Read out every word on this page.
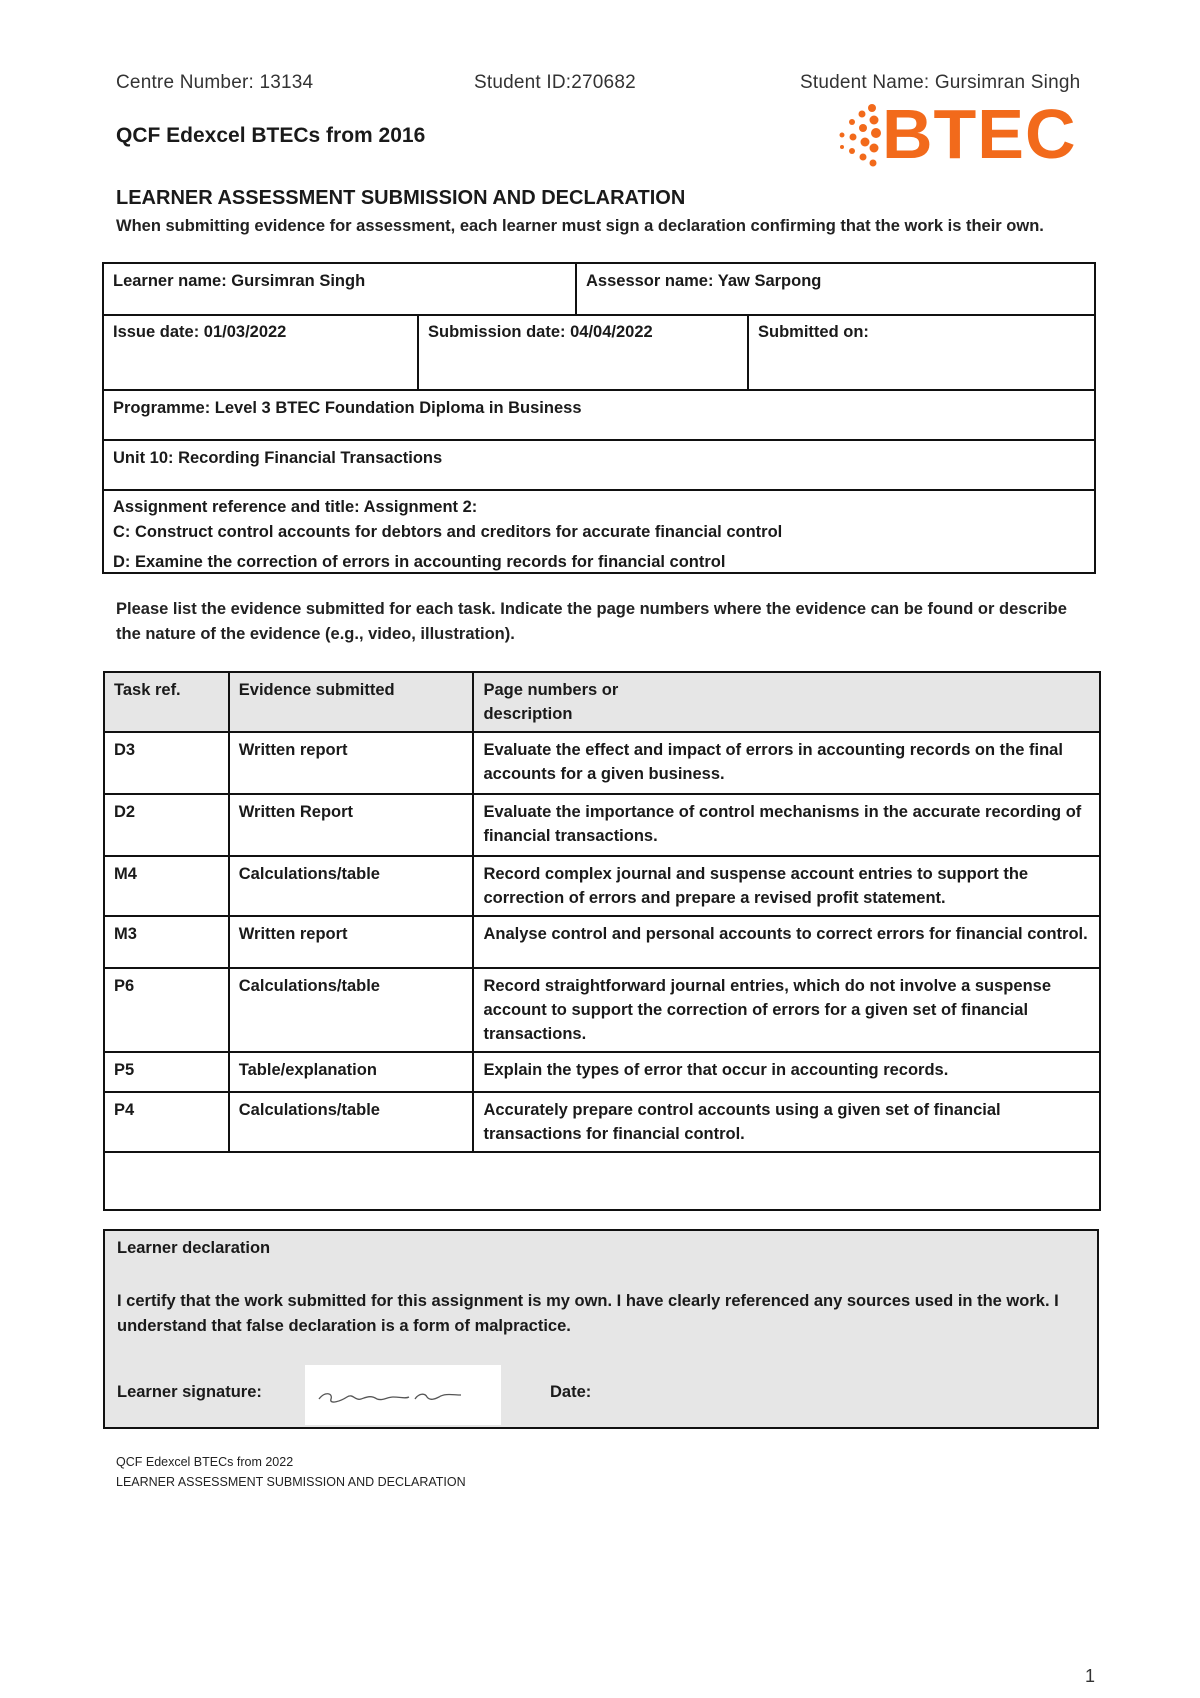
Centre Number: 13134	Student ID:270682	Student Name: Gursimran Singh
QCF Edexcel BTECs from 2016	BTEC
LEARNER ASSESSMENT SUBMISSION AND DECLARATION
When submitting evidence for assessment, each learner must sign a declaration confirming that the work is their own.
Learner name: Gursimran Singh	Assessor name: Yaw Sarpong
Issue date: 01/03/2022	Submission date: 04/04/2022	Submitted on:
Programme: Level 3 BTEC Foundation Diploma in Business
Unit 10: Recording Financial Transactions
Assignment reference and title: Assignment 2:
C: Construct control accounts for debtors and creditors for accurate financial control
D: Examine the correction of errors in accounting records for financial control
Please list the evidence submitted for each task. Indicate the page numbers where the evidence can be found or describe the nature of the evidence (e.g., video, illustration).
Task ref.	Evidence submitted	Page numbers or description

D3	Written report	Evaluate the effect and impact of errors in accounting records on the final accounts for a given business.
D2	Written Report	Evaluate the importance of control mechanisms in the accurate recording of financial transactions.
M4	Calculations/table	Record complex journal and suspense account entries to support the correction of errors and prepare a revised profit statement.
M3	Written report	Analyse control and personal accounts to correct errors for financial control.
P6	Calculations/table	Record straightforward journal entries, which do not involve a suspense account to support the correction of errors for a given set of financial transactions.
P5	Table/explanation	Explain the types of error that occur in accounting records.
P4	Calculations/table	Accurately prepare control accounts using a given set of financial transactions for financial control.

Learner declaration
I certify that the work submitted for this assignment is my own. I have clearly referenced any sources used in the work. I understand that false declaration is a form of malpractice.
Learner signature:	Date:
QCF Edexcel BTECs from 2022
LEARNER ASSESSMENT SUBMISSION AND DECLARATION
1
